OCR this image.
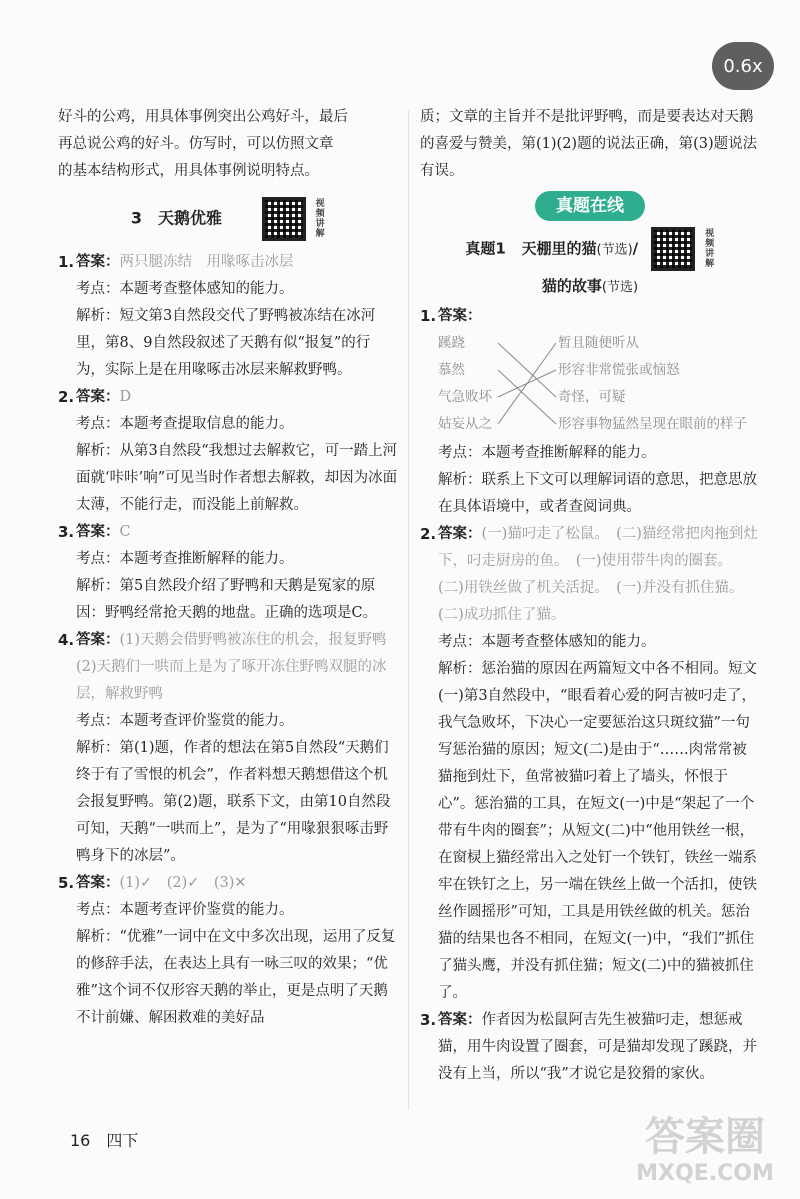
0.6x

好斗的公鸡，用具体事例突出公鸡好斗，最后

再总说公鸡的好斗。仿写时，可以仿照文章

的基本结构形式，用具体事例说明特点。

3　天鹅优雅  视频讲解
1. 答案：两只腿冻结　用喙啄击冰层

考点：本题考查整体感知的能力。

解析：短文第3自然段交代了野鸭被冻结在冰河里，第8、9自然段叙述了天鹅有似“报复”的行为，实际上是在用喙啄击冰层来解救野鸭。

2. 答案：D

考点：本题考查提取信息的能力。

解析：从第3自然段“我想过去解救它，可一踏上河面就‘咔咔’响”可见当时作者想去解救，却因为冰面太薄，不能行走，而没能上前解救。

3. 答案：C

考点：本题考查推断解释的能力。

解析：第5自然段介绍了野鸭和天鹅是冤家的原因：野鸭经常抢天鹅的地盘。正确的选项是C。

4. 答案：(1)天鹅会借野鸭被冻住的机会，报复野鸭　(2)天鹅们一哄而上是为了啄开冻住野鸭双腿的冰层，解救野鸭

考点：本题考查评价鉴赏的能力。

解析：第(1)题，作者的想法在第5自然段“天鹅们终于有了雪恨的机会”，作者料想天鹅想借这个机会报复野鸭。第(2)题，联系下文，由第10自然段可知，天鹅“一哄而上”，是为了“用喙狠狠啄击野鸭身下的冰层”。

5. 答案：(1)✓　(2)✓　(3)✕

考点：本题考查评价鉴赏的能力。

解析：“优雅”一词中在文中多次出现，运用了反复的修辞手法，在表达上具有一咏三叹的效果；“优雅”这个词不仅形容天鹅的举止，更是点明了天鹅不计前嫌、解困救难的美好品

质；文章的主旨并不是批评野鸭，而是要表达对天鹅的喜爱与赞美，第(1)(2)题的说法正确，第(3)题说法有误。

真题在线
真题1 天棚里的猫(节选)/  视频讲解
猫的故事(节选)
1. 答案：

蹊跷
慕然
气急败坏
姑妄从之
暂且随便听从
形容非常慌张或恼怒
奇怪，可疑
形容事物猛然呈现在眼前的样子

考点：本题考查推断解释的能力。

解析：联系上下文可以理解词语的意思，把意思放在具体语境中，或者查阅词典。

2. 答案：(一)猫叼走了松鼠。　(二)猫经常把肉拖到灶下，叼走厨房的鱼。　(一)使用带牛肉的圈套。　(二)用铁丝做了机关活捉。　(一)并没有抓住猫。　(二)成功抓住了猫。

考点：本题考查整体感知的能力。

解析：惩治猫的原因在两篇短文中各不相同。短文(一)第3自然段中，“眼看着心爱的阿吉被叼走了，我气急败坏，下决心一定要惩治这只斑纹猫”一句写惩治猫的原因；短文(二)是由于“……肉常常被猫拖到灶下，鱼常被猫叼着上了墙头，怀恨于心”。惩治猫的工具，在短文(一)中是“架起了一个带有牛肉的圈套”；从短文(二)中“他用铁丝一根，在窗棂上猫经常出入之处钉一个铁钉，铁丝一端系牢在铁钉之上，另一端在铁丝上做一个活扣，使铁丝作圆摇形”可知，工具是用铁丝做的机关。惩治猫的结果也各不相同，在短文(一)中，“我们”抓住了猫头鹰，并没有抓住猫；短文(二)中的猫被抓住了。

3. 答案：作者因为松鼠阿吉先生被猫叼走，想惩戒猫，用牛肉设置了圈套，可是猫却发现了蹊跷，并没有上当，所以“我”才说它是狡猾的家伙。

16　四下	答案圈
MXQE.COM
